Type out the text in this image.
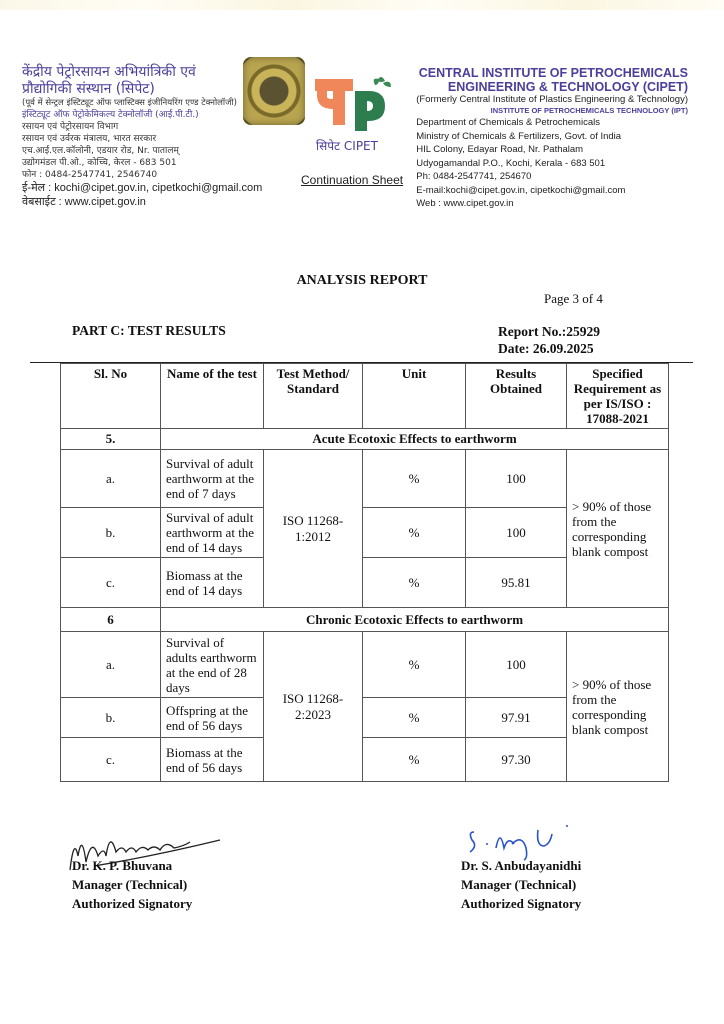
केंद्रीय पेट्रोरसायन अभियांत्रिकी एवं
प्रौद्योगिकी संस्थान (सिपेट)
(पूर्व में सेन्ट्रल इंस्टिट्यूट ऑफ प्लास्टिक्स इंजीनियरिंग एण्ड टेक्नोलॉजी)
इंस्टिट्यूट ऑफ पेट्रोकेमिकल्य टेक्नोलॉजी (आई.पी.टी.)
रसायन एवं पेट्रोरसायन विभाग
रसायन एवं उर्वरक मंत्रालय, भारत सरकार
एच.आई.एल.कॉलोनी, एडयार रोड, Nr. पातालम्
उद्योगमंडल पी.ओ., कोच्चि, केरल - 683 501
फोन : 0484-2547741, 2546740
ई-मेल : kochi@cipet.gov.in, cipetkochi@gmail.com
वेबसाईट : www.cipet.gov.in
सिपेट CIPET
Continuation Sheet
CENTRAL INSTITUTE OF PETROCHEMICALS
ENGINEERING & TECHNOLOGY (CIPET)
(Formerly Central Institute of Plastics Engineering & Technology)
INSTITUTE OF PETROCHEMICALS TECHNOLOGY (IPT)
Department of Chemicals & Petrochemicals
Ministry of Chemicals & Fertilizers, Govt. of India
HIL Colony, Edayar Road, Nr. Pathalam
Udyogamandal P.O., Kochi, Kerala - 683 501
Ph: 0484-2547741, 254670
E-mail:kochi@cipet.gov.in, cipetkochi@gmail.com
Web : www.cipet.gov.in
ANALYSIS REPORT
Page 3 of 4
PART C: TEST RESULTS	Report No.:25929
Date: 26.09.2025
Sl. No	Name of the test	Test Method/ Standard	Unit	Results Obtained	Specified Requirement as per IS/ISO : 17088-2021
5.	Acute Ecotoxic Effects to earthworm				
a.	Survival of adult earthworm at the end of 7 days	ISO 11268-1:2012	%	100	> 90% of those from the corresponding blank compost
b.	Survival of adult earthworm at the end of 14 days		%	100	
c.	Biomass at the end of 14 days		%	95.81	
6	Chronic Ecotoxic Effects to earthworm				
a.	Survival of adults earthworm at the end of 28 days	ISO 11268-2:2023	%	100	> 90% of those from the corresponding blank compost
b.	Offspring at the end of 56 days		%	97.91	
c.	Biomass at the end of 56 days		%	97.30	
Dr. K. P. Bhuvana
Manager (Technical)
Authorized Signatory
Dr. S. Anbudayanidhi
Manager (Technical)
Authorized Signatory
